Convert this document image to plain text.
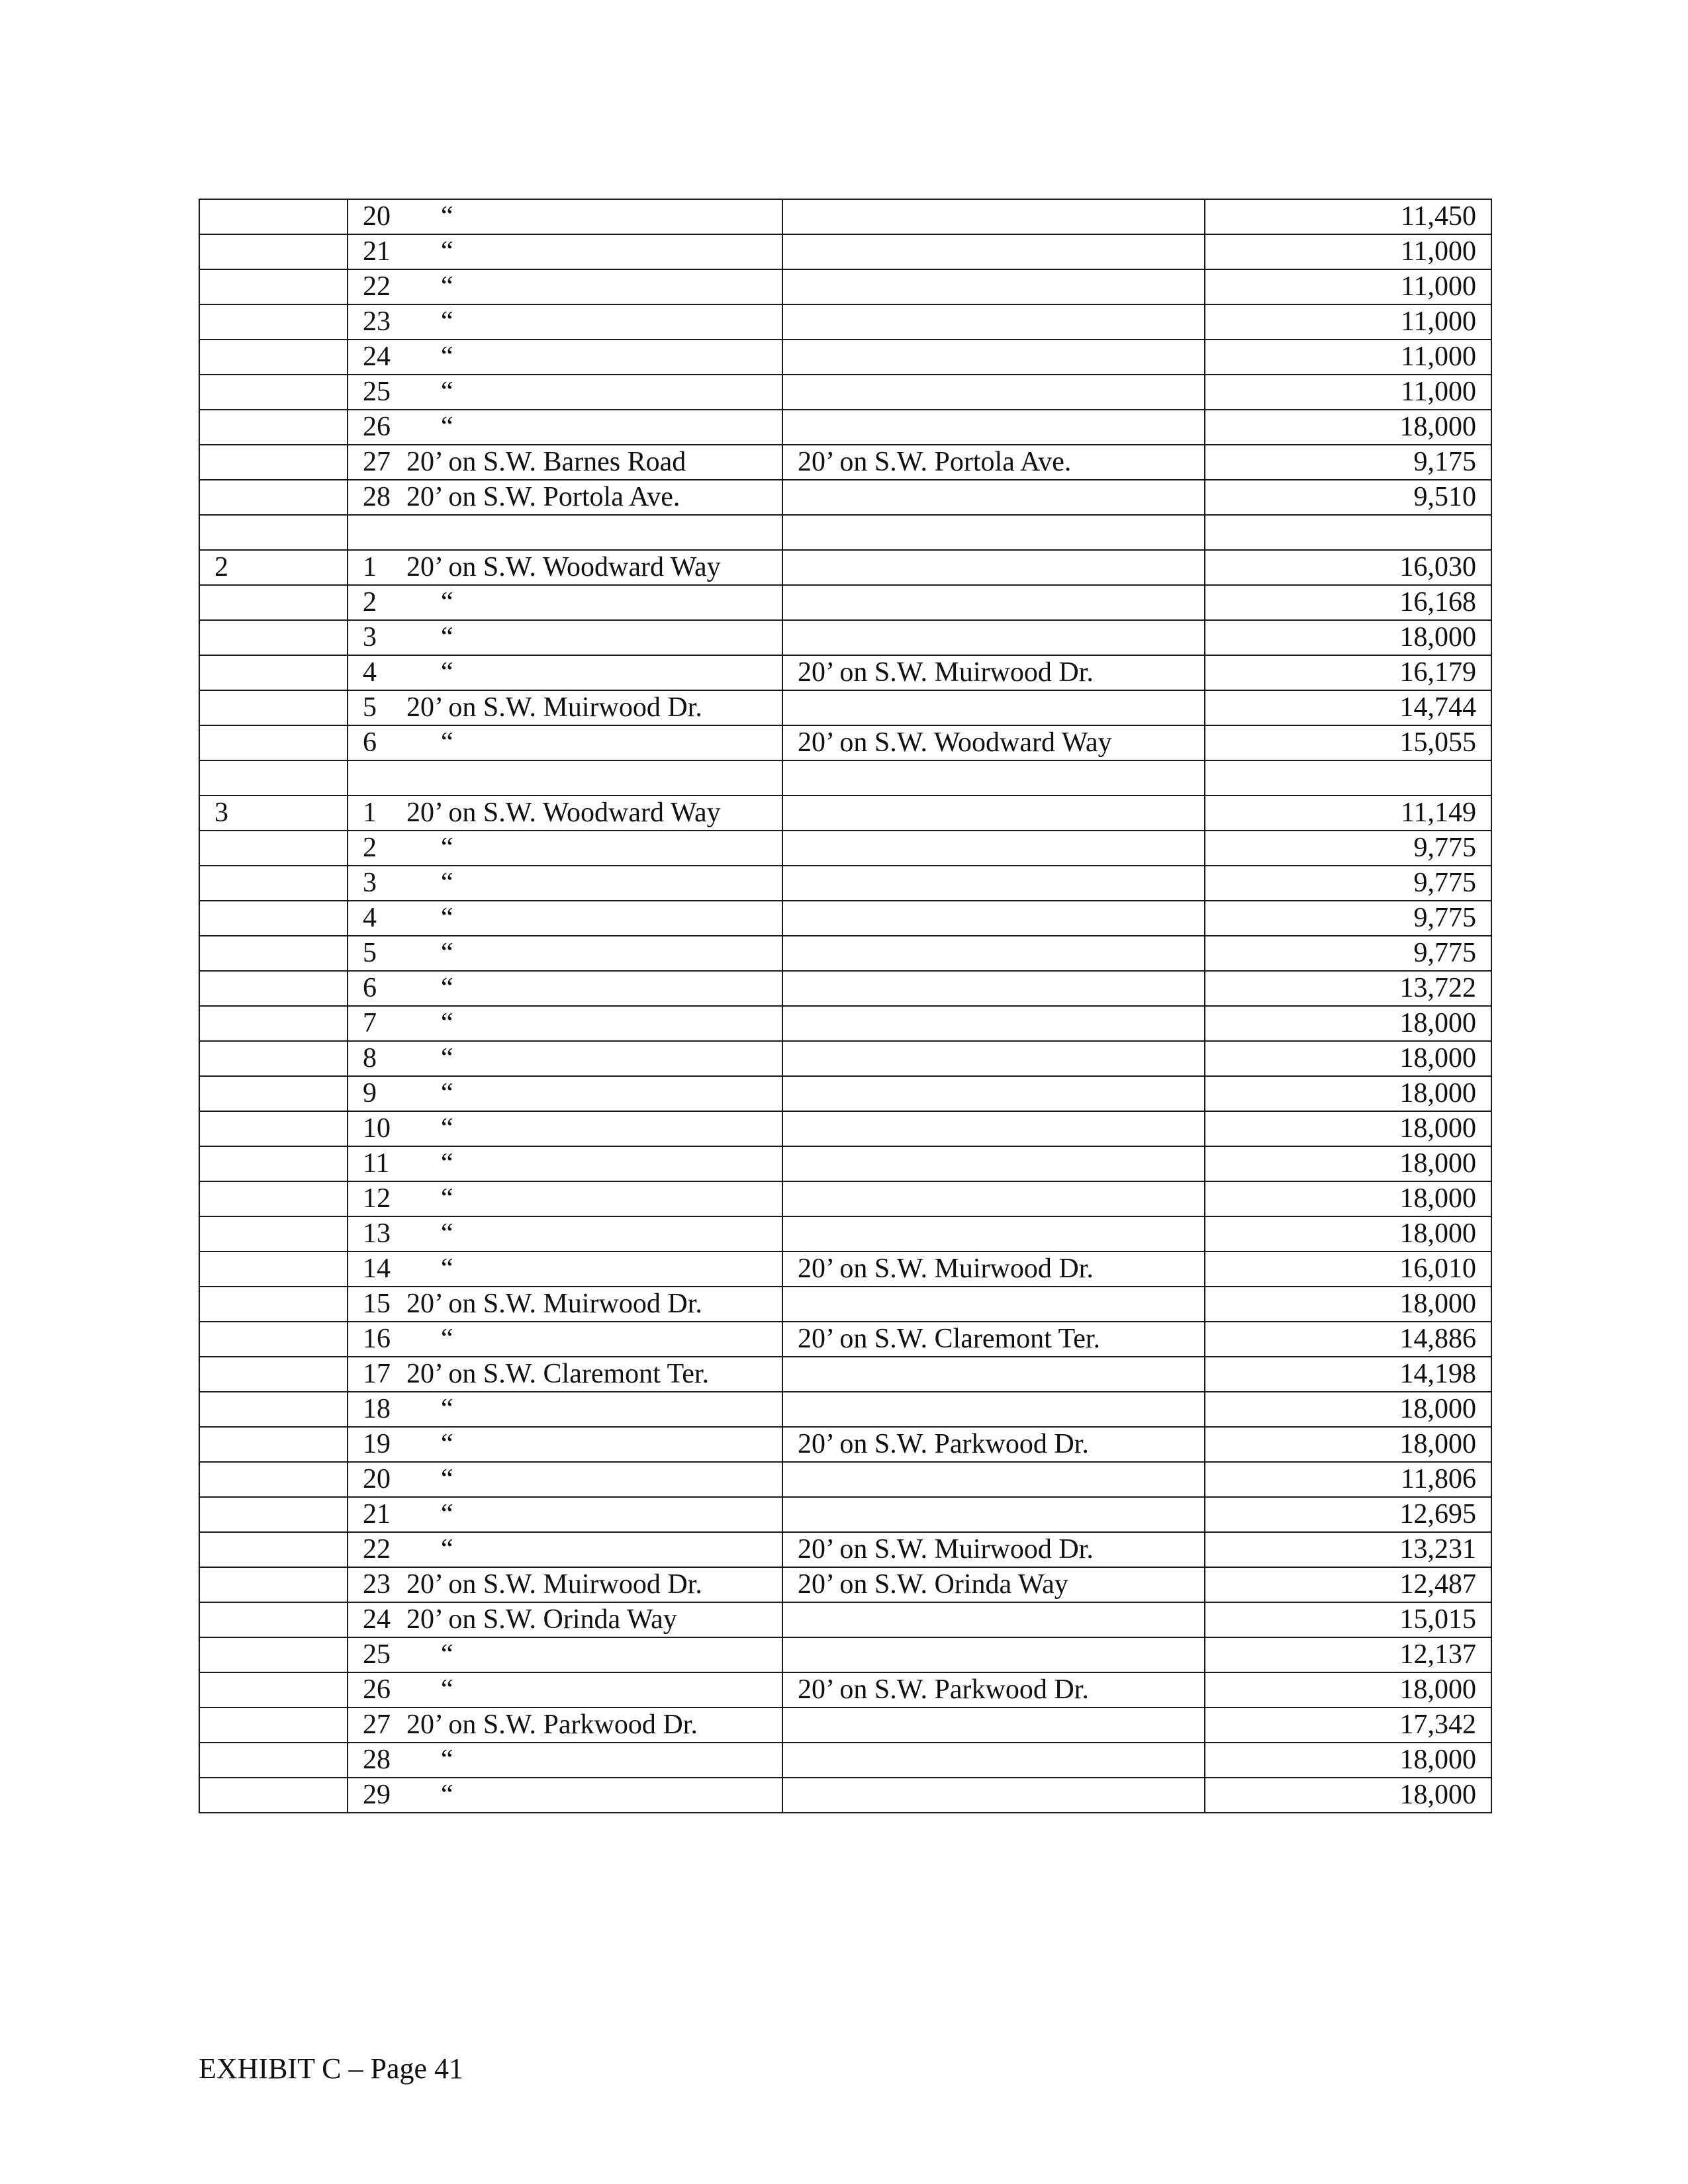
	20 “		11,450
	21 “		11,000
	22 “		11,000
	23 “		11,000
	24 “		11,000
	25 “		11,000
	26 “		18,000
	27 20’ on S.W. Barnes Road	20’ on S.W. Portola Ave.	9,175
	28 20’ on S.W. Portola Ave.		9,510

2	1 20’ on S.W. Woodward Way		16,030
	2 “		16,168
	3 “		18,000
	4 “	20’ on S.W. Muirwood Dr.	16,179
	5 20’ on S.W. Muirwood Dr.		14,744
	6 “	20’ on S.W. Woodward Way	15,055

3	1 20’ on S.W. Woodward Way		11,149
	2 “		9,775
	3 “		9,775
	4 “		9,775
	5 “		9,775
	6 “		13,722
	7 “		18,000
	8 “		18,000
	9 “		18,000
	10 “		18,000
	11 “		18,000
	12 “		18,000
	13 “		18,000
	14 “	20’ on S.W. Muirwood Dr.	16,010
	15 20’ on S.W. Muirwood Dr.		18,000
	16 “	20’ on S.W. Claremont Ter.	14,886
	17 20’ on S.W. Claremont Ter.		14,198
	18 “		18,000
	19 “	20’ on S.W. Parkwood Dr.	18,000
	20 “		11,806
	21 “		12,695
	22 “	20’ on S.W. Muirwood Dr.	13,231
	23 20’ on S.W. Muirwood Dr.	20’ on S.W. Orinda Way	12,487
	24 20’ on S.W. Orinda Way		15,015
	25 “		12,137
	26 “	20’ on S.W. Parkwood Dr.	18,000
	27 20’ on S.W. Parkwood Dr.		17,342
	28 “		18,000
	29 “		18,000
EXHIBIT C – Page 41
